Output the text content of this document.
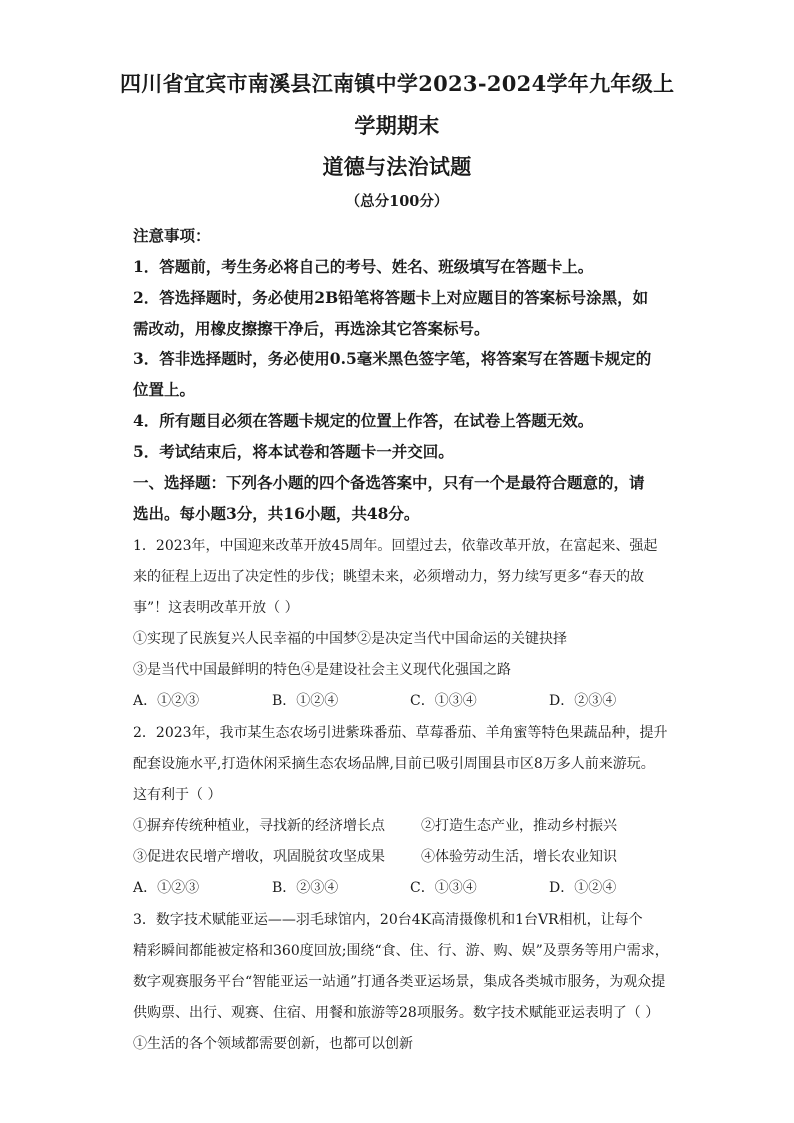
四川省宜宾市南溪县江南镇中学2023-2024学年九年级上
学期期末
道德与法治试题
（总分100分）
注意事项：
1．答题前，考生务必将自己的考号、姓名、班级填写在答题卡上。
2．答选择题时，务必使用2B铅笔将答题卡上对应题目的答案标号涂黑，如
需改动，用橡皮擦擦干净后，再选涂其它答案标号。
3．答非选择题时，务必使用0.5毫米黑色签字笔，将答案写在答题卡规定的
位置上。
4．所有题目必须在答题卡规定的位置上作答，在试卷上答题无效。
5．考试结束后，将本试卷和答题卡一并交回。
一、选择题：下列各小题的四个备选答案中，只有一个是最符合题意的，请
选出。每小题3分，共16小题，共48分。
1．2023年，中国迎来改革开放45周年。回望过去，依靠改革开放，在富起来、强起
来的征程上迈出了决定性的步伐；眺望未来，必须增动力，努力续写更多“春天的故
事”！这表明改革开放（ ）
①实现了民族复兴人民幸福的中国梦②是决定当代中国命运的关键抉择
③是当代中国最鲜明的特色④是建设社会主义现代化强国之路
A．①②③	B．①②④	C．①③④	D．②③④
2．2023年，我市某生态农场引进紫珠番茄、草莓番茄、羊角蜜等特色果蔬品种，提升
配套设施水平,打造休闲采摘生态农场品牌,目前已吸引周围县市区8万多人前来游玩。
这有利于（ ）
①摒弃传统种植业，寻找新的经济增长点	②打造生态产业，推动乡村振兴
③促进农民增产增收，巩固脱贫攻坚成果	④体验劳动生活，增长农业知识
A．①②③	B．②③④	C．①③④	D．①②④
3．数字技术赋能亚运——羽毛球馆内，20台4K高清摄像机和1台VR相机，让每个
精彩瞬间都能被定格和360度回放;围绕“食、住、行、游、购、娱”及票务等用户需求，
数字观赛服务平台“智能亚运一站通”打通各类亚运场景，集成各类城市服务，为观众提
供购票、出行、观赛、住宿、用餐和旅游等28项服务。数字技术赋能亚运表明了（ ）
①生活的各个领域都需要创新，也都可以创新
